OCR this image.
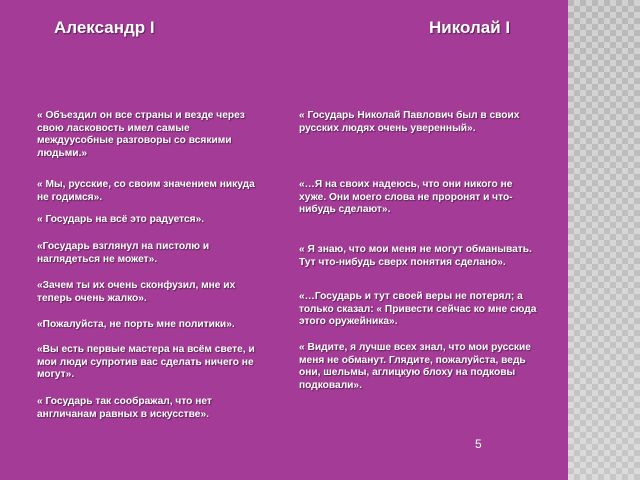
Александр I	Николай I

« Объездил он все страны и везде через свою ласковость имел самые междуусобные разговоры со всякими людьми.»

« Мы, русские, со своим значением никуда не годимся».

« Государь на всё это радуется».

«Государь взглянул на пистолю и наглядеться не может».

«Зачем ты их очень сконфузил, мне их теперь очень жалко».

«Пожалуйста, не порть мне политики».

«Вы есть первые мастера на всём свете, и мои люди супротив вас сделать ничего не могут».

« Государь так соображал, что нет англичанам равных в искусстве».

« Государь Николай Павлович был в своих русских людях очень уверенный».

«…Я на своих надеюсь, что они никого не хуже. Они моего слова не проронят и что-нибудь сделают».

« Я знаю, что мои меня не могут обманывать. Тут что-нибудь сверх понятия сделано».

«…Государь и тут своей веры не потерял; а только сказал: « Привести сейчас ко мне сюда этого оружейника».

« Видите, я лучше всех знал, что мои русские меня не обманут. Глядите, пожалуйста, ведь они, шельмы, аглицкую блоху на подковы подковали».

5
